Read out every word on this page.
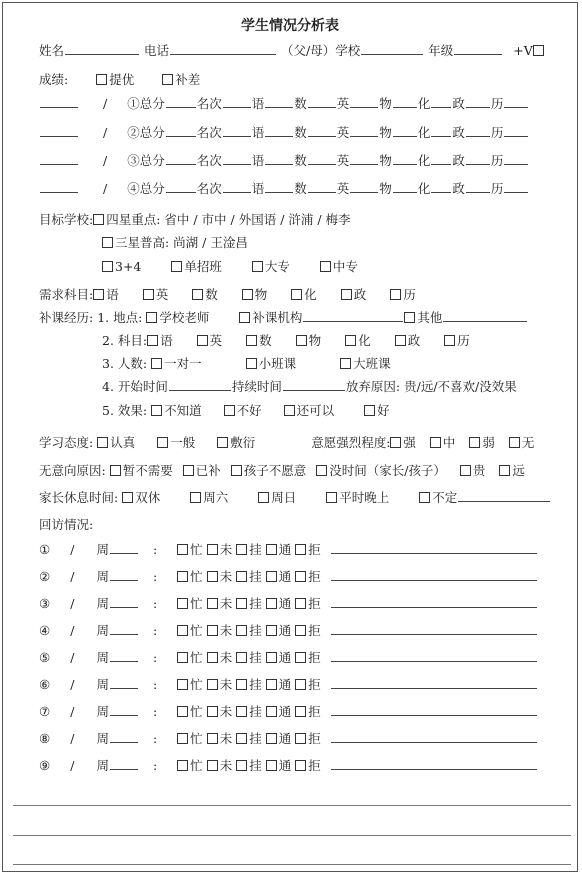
学生情况分析表
姓名	电话	（父/母）学校	年级	+V
成绩:	提优	补差
/ ①总分	名次 语 数 英 物 化 政 历
/ ②总分	名次 语 数 英 物 化 政 历
/ ③总分	名次 语 数 英 物 化 政 历
/ ④总分	名次 语 数 英 物 化 政 历
目标学校: 四星重点: 省中 / 市中 / 外国语 / 浒浦 / 梅李
三星普高: 尚湖 / 王淦昌
3+4	单招班	大专	中专
需求科目: 语	英	数	物	化	政	历
补课经历: 1. 地点: 学校老师	补课机构	其他
2. 科目: 语	英	数	物	化	政	历
3. 人数: 一对一	小班课	大班课
4. 开始时间	持续时间	放弃原因: 贵/远/不喜欢/没效果
5. 效果: 不知道	不好	还可以	好
学习态度: 认真	一般	敷衍	意愿强烈程度: 强 中 弱 无
无意向原因: 暂不需要 已补 孩子不愿意 没时间（家长/孩子） 贵 远
家长休息时间: 双休	周六	周日	平时晚上	不定
回访情况:
① / 周	:	忙 未 挂 通 拒
② / 周	:	忙 未 挂 通 拒
③ / 周	:	忙 未 挂 通 拒
④ / 周	:	忙 未 挂 通 拒
⑤ / 周	:	忙 未 挂 通 拒
⑥ / 周	:	忙 未 挂 通 拒
⑦ / 周	:	忙 未 挂 通 拒
⑧ / 周	:	忙 未 挂 通 拒
⑨ / 周	:	忙 未 挂 通 拒
